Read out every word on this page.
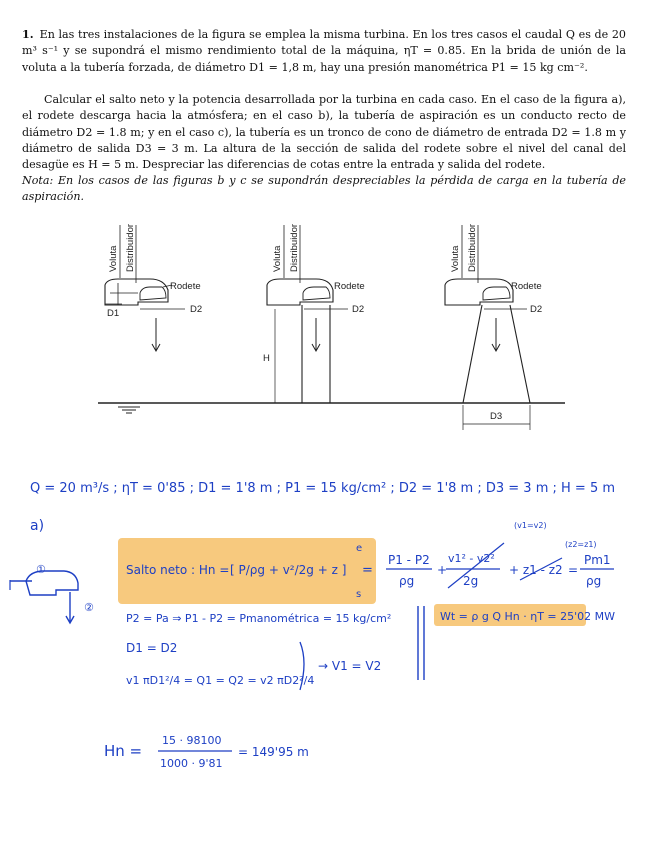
1. En las tres instalaciones de la figura se emplea la misma turbina. En los tres casos el caudal Q es de 20 m³ s⁻¹ y se supondrá el mismo rendimiento total de la máquina, ηT = 0.85. En la brida de unión de la voluta a la tubería forzada, de diámetro D1 = 1,8 m, hay una presión manométrica P1 = 15 kg cm⁻².
Calcular el salto neto y la potencia desarrollada por la turbina en cada caso. En el caso de la figura a), el rodete descarga hacia la atmósfera; en el caso b), la tubería de aspiración es un conducto recto de diámetro D2 = 1.8 m; y en el caso c), la tubería es un tronco de cono de diámetro de entrada D2 = 1.8 m y diámetro de salida D3 = 3 m. La altura de la sección de salida del rodete sobre el nivel del canal del desagüe es H = 5 m. Despreciar las diferencias de cotas entre la entrada y salida del rodete.
Nota: En los casos de las figuras b y c se supondrán despreciables la pérdida de carga en la tubería de aspiración.
Voluta Distribuidor
D1
Rodete
D2
Voluta Distribuidor
H
Rodete
D2
Voluta Distribuidor
Rodete
D2
D3
Q = 20 m³/s ; ηT = 0'85 ; D1 = 1'8 m ; P1 = 15 kg/cm² ; D2 = 1'8 m ; D3 = 3 m ; H = 5 m
a)
①
②
Salto neto : Hn = [ P/ρg + v²/2g + z ]
e
s
=
P1 - P2
ρg
+
v1² - v2²
2g
+ z1 - z2 =
Pm1
ρg
(v1=v2)
(z2=z1)
P2 = Pa ⇒ P1 - P2 = Pmanométrica = 15 kg/cm²	Wt = ρ g Q Hn · ηT = 25'02 MW
D1 = D2
v1 πD1²/4 = Q1 = Q2 = v2 πD2²/4
→ V1 = V2
Hn =
15 · 98100
1000 · 9'81
= 149'95 m
